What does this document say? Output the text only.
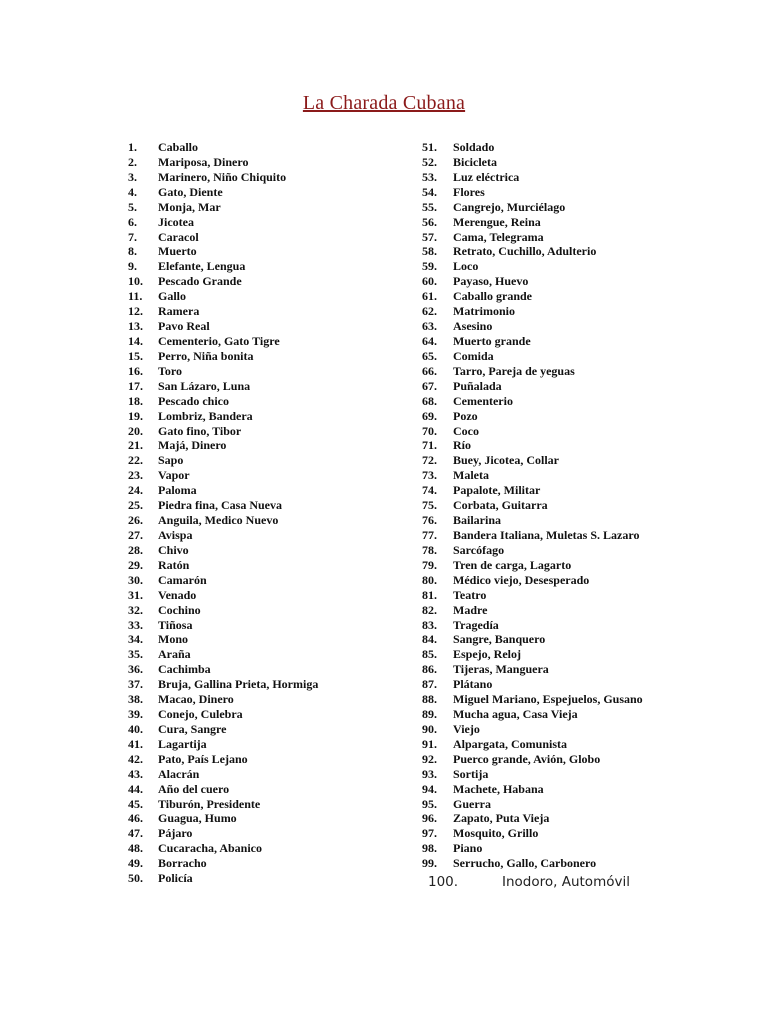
La Charada Cubana
1.	Caballo
2.	Mariposa, Dinero
3.	Marinero, Niño Chiquito
4.	Gato, Diente
5.	Monja, Mar
6.	Jicotea
7.	Caracol
8.	Muerto
9.	Elefante, Lengua
10.	Pescado Grande
11.	Gallo
12.	Ramera
13.	Pavo Real
14.	Cementerio, Gato Tigre
15.	Perro, Niña bonita
16.	Toro
17.	San Lázaro, Luna
18.	Pescado chico
19.	Lombriz, Bandera
20.	Gato fino, Tibor
21.	Majá, Dinero
22.	Sapo
23.	Vapor
24.	Paloma
25.	Piedra fina, Casa Nueva
26.	Anguila, Medico Nuevo
27.	Avispa
28.	Chivo
29.	Ratón
30.	Camarón
31.	Venado
32.	Cochino
33.	Tiñosa
34.	Mono
35.	Araña
36.	Cachimba
37.	Bruja, Gallina Prieta, Hormiga
38.	Macao, Dinero
39.	Conejo, Culebra
40.	Cura, Sangre
41.	Lagartija
42.	Pato, País Lejano
43.	Alacrán
44.	Año del cuero
45.	Tiburón, Presidente
46.	Guagua, Humo
47.	Pájaro
48.	Cucaracha, Abanico
49.	Borracho
50.	Policía
51.	Soldado
52.	Bicicleta
53.	Luz eléctrica
54.	Flores
55.	Cangrejo, Murciélago
56.	Merengue, Reina
57.	Cama, Telegrama
58.	Retrato, Cuchillo, Adulterio
59.	Loco
60.	Payaso, Huevo
61.	Caballo grande
62.	Matrimonio
63.	Asesino
64.	Muerto grande
65.	Comida
66.	Tarro, Pareja de yeguas
67.	Puñalada
68.	Cementerio
69.	Pozo
70.	Coco
71.	Río
72.	Buey, Jicotea, Collar
73.	Maleta
74.	Papalote, Militar
75.	Corbata, Guitarra
76.	Bailarina
77.	Bandera Italiana, Muletas S. Lazaro
78.	Sarcófago
79.	Tren de carga, Lagarto
80.	Médico viejo, Desesperado
81.	Teatro
82.	Madre
83.	Tragedía
84.	Sangre, Banquero
85.	Espejo, Reloj
86.	Tijeras, Manguera
87.	Plátano
88.	Miguel Mariano, Espejuelos, Gusano
89.	Mucha agua, Casa Vieja
90.	Viejo
91.	Alpargata, Comunista
92.	Puerco grande, Avión, Globo
93.	Sortija
94.	Machete, Habana
95.	Guerra
96.	Zapato, Puta Vieja
97.	Mosquito, Grillo
98.	Piano
99.	Serrucho, Gallo, Carbonero
100.	Inodoro, Automóvil
